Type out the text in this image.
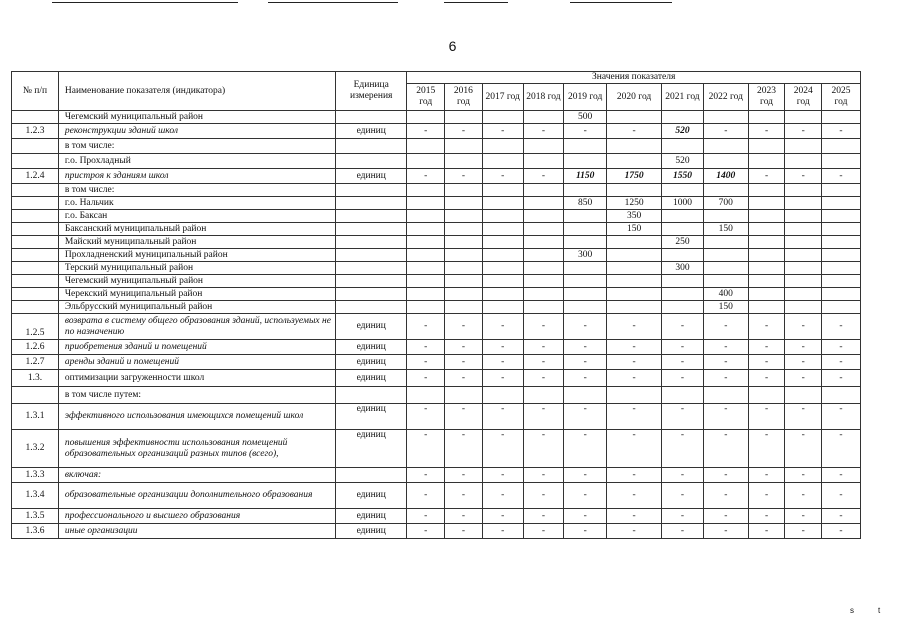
6
№ п/п	Наименование показателя (индикатора)	Единица измерения	Значения показателя										
			2015 год	2016 год	2017 год	2018 год	2019 год	2020 год	2021 год	2022 год	2023 год	2024 год	2025 год
	Чегемский муниципальный район						500						
1.2.3	реконструкции зданий школ	единиц	-	-	-	-	-	-	520	-	-	-	-
	в том числе:												
	г.о. Прохладный								520				
1.2.4	пристроя к зданиям школ	единиц	-	-	-	-	1150	1750	1550	1400	-	-	-
	в том числе:												
	г.о. Нальчик						850	1250	1000	700			
	г.о. Баксан							350					
	Баксанский муниципальный район							150		150			
	Майский муниципальный район								250				
	Прохладненский муниципальный район						300						
	Терский муниципальный район								300				
	Чегемский муниципальный район												
	Черекский муниципальный район									400			
	Эльбрусский муниципальный район									150			
1.2.5	возврата в систему общего образования зданий, используемых не по назначению	единиц	-	-	-	-	-	-	-	-	-	-	-
1.2.6	приобретения зданий и помещений	единиц	-	-	-	-	-	-	-	-	-	-	-
1.2.7	аренды зданий и помещений	единиц	-	-	-	-	-	-	-	-	-	-	-
1.3.	оптимизации загруженности школ	единиц	-	-	-	-	-	-	-	-	-	-	-
	в том числе путем:												
1.3.1	эффективного использования имеющихся помещений школ	единиц	-	-	-	-	-	-	-	-	-	-	-
1.3.2	повышения эффективности использования помещений образовательных организаций разных типов (всего),	единиц	-	-	-	-	-	-	-	-	-	-	-
1.3.3	включая:		-	-	-	-	-	-	-	-	-	-	-
1.3.4	образовательные организации дополнительного образования	единиц	-	-	-	-	-	-	-	-	-	-	-
1.3.5	профессионального и высшего образования	единиц	-	-	-	-	-	-	-	-	-	-	-
1.3.6	иные организации	единиц	-	-	-	-	-	-	-	-	-	-	-
s	t
